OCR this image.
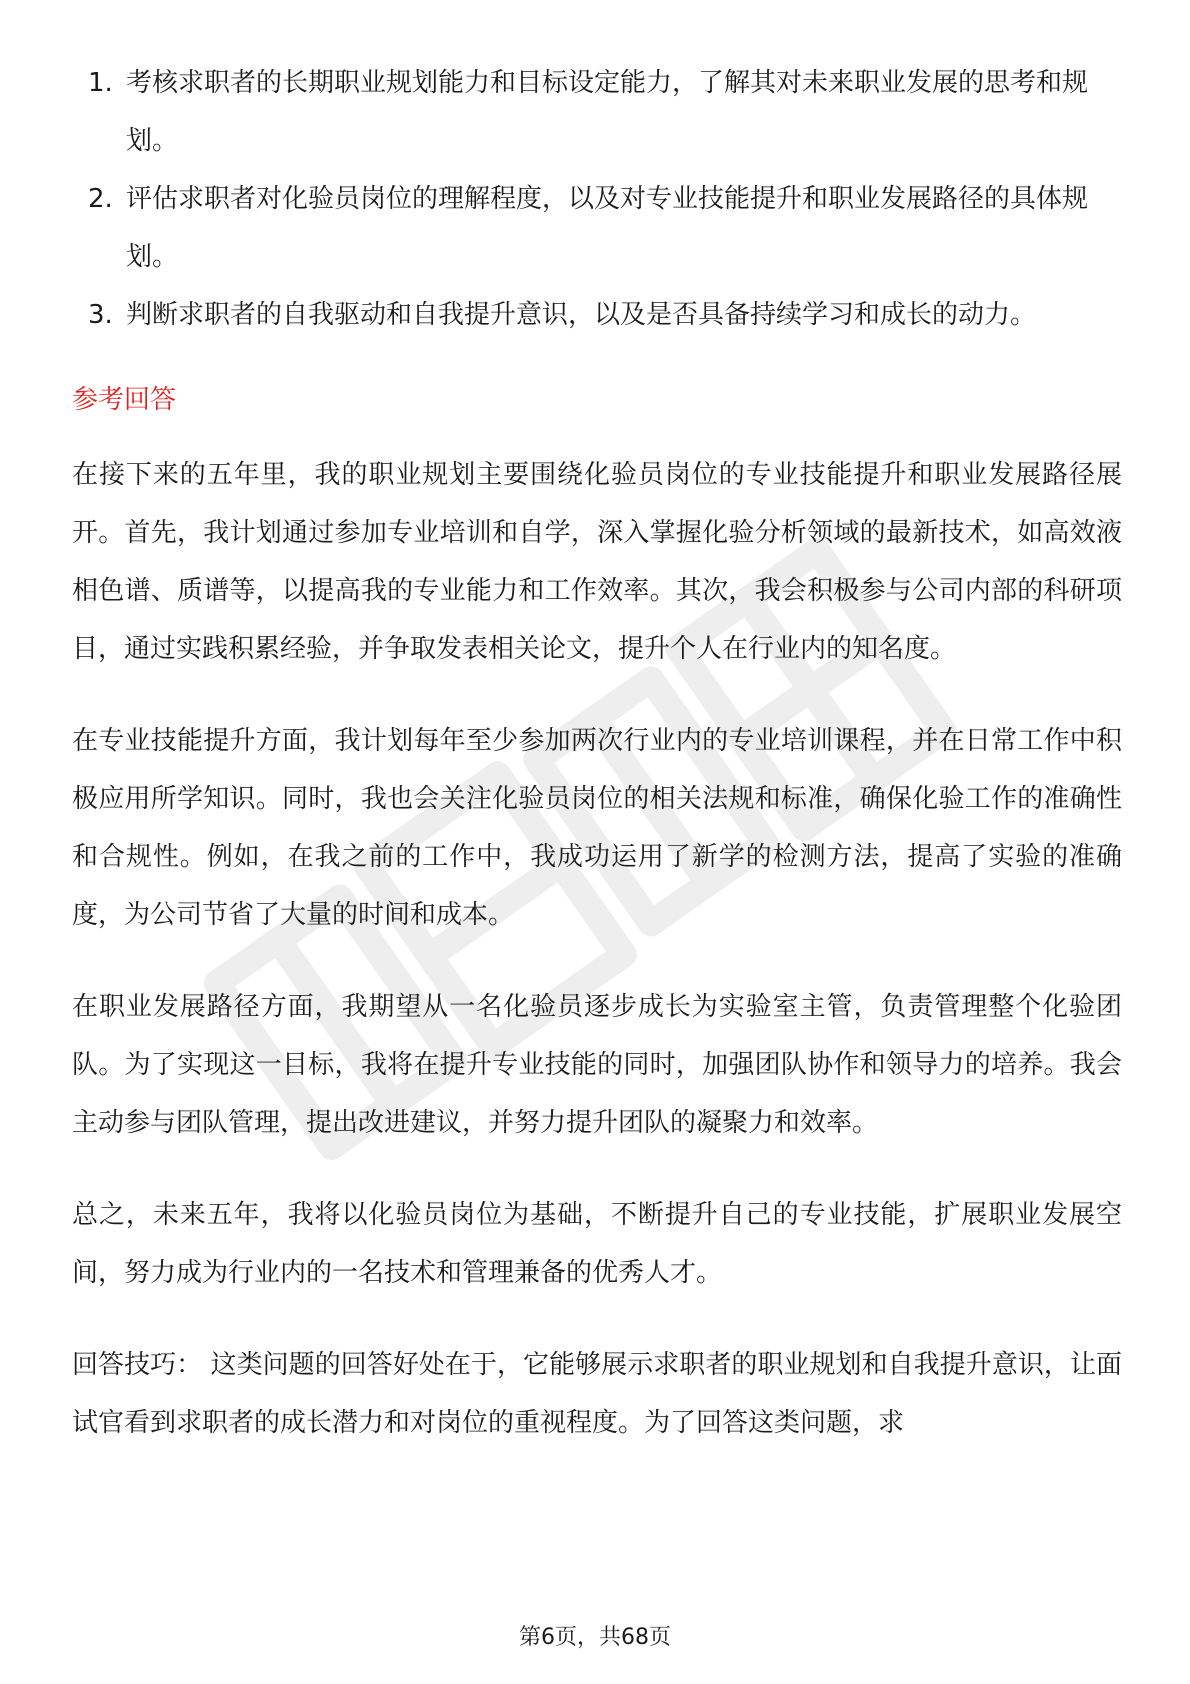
1. 考核求职者的长期职业规划能力和目标设定能力，了解其对未来职业发展的思考和规划。
2. 评估求职者对化验员岗位的理解程度，以及对专业技能提升和职业发展路径的具体规划。
3. 判断求职者的自我驱动和自我提升意识，以及是否具备持续学习和成长的动力。
参考回答

在接下来的五年里，我的职业规划主要围绕化验员岗位的专业技能提升和职业发展路径展开。首先，我计划通过参加专业培训和自学，深入掌握化验分析领域的最新技术，如高效液相色谱、质谱等，以提高我的专业能力和工作效率。其次，我会积极参与公司内部的科研项目，通过实践积累经验，并争取发表相关论文，提升个人在行业内的知名度。

在专业技能提升方面，我计划每年至少参加两次行业内的专业培训课程，并在日常工作中积极应用所学知识。同时，我也会关注化验员岗位的相关法规和标准，确保化验工作的准确性和合规性。例如，在我之前的工作中，我成功运用了新学的检测方法，提高了实验的准确度，为公司节省了大量的时间和成本。

在职业发展路径方面，我期望从一名化验员逐步成长为实验室主管，负责管理整个化验团队。为了实现这一目标，我将在提升专业技能的同时，加强团队协作和领导力的培养。我会主动参与团队管理，提出改进建议，并努力提升团队的凝聚力和效率。

总之，未来五年，我将以化验员岗位为基础，不断提升自己的专业技能，扩展职业发展空间，努力成为行业内的一名技术和管理兼备的优秀人才。

回答技巧： 这类问题的回答好处在于，它能够展示求职者的职业规划和自我提升意识，让面试官看到求职者的成长潜力和对岗位的重视程度。为了回答这类问题，求

第6页，共68页
